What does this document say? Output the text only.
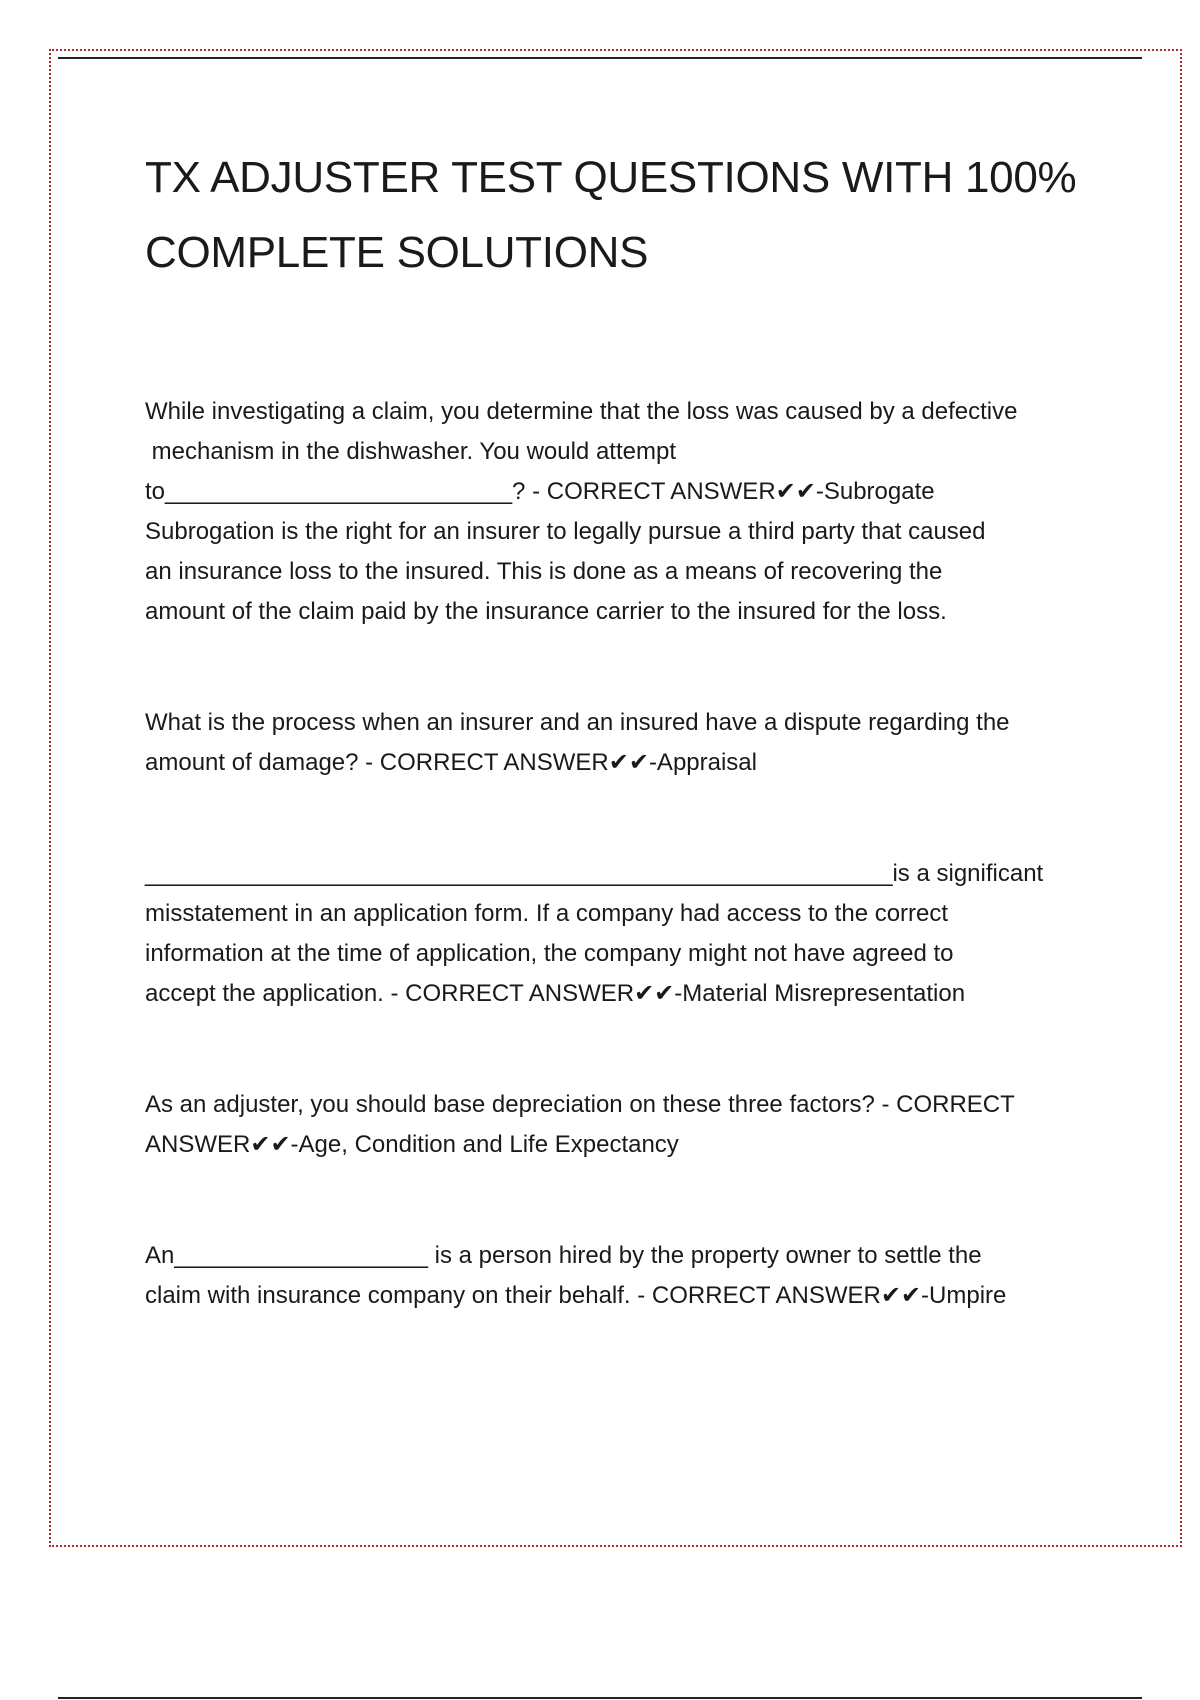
TX ADJUSTER TEST QUESTIONS WITH 100% COMPLETE SOLUTIONS

While investigating a claim, you determine that the loss was caused by a defective
mechanism in the dishwasher. You would attempt
to__________________________? - CORRECT ANSWER✔✔-Subrogate
Subrogation is the right for an insurer to legally pursue a third party that caused
an insurance loss to the insured. This is done as a means of recovering the
amount of the claim paid by the insurance carrier to the insured for the loss.

What is the process when an insurer and an insured have a dispute regarding the
amount of damage? - CORRECT ANSWER✔✔-Appraisal

________________________________________________________is a significant
misstatement in an application form. If a company had access to the correct
information at the time of application, the company might not have agreed to
accept the application. - CORRECT ANSWER✔✔-Material Misrepresentation

As an adjuster, you should base depreciation on these three factors? - CORRECT
ANSWER✔✔-Age, Condition and Life Expectancy

An___________________ is a person hired by the property owner to settle the
claim with insurance company on their behalf. - CORRECT ANSWER✔✔-Umpire
